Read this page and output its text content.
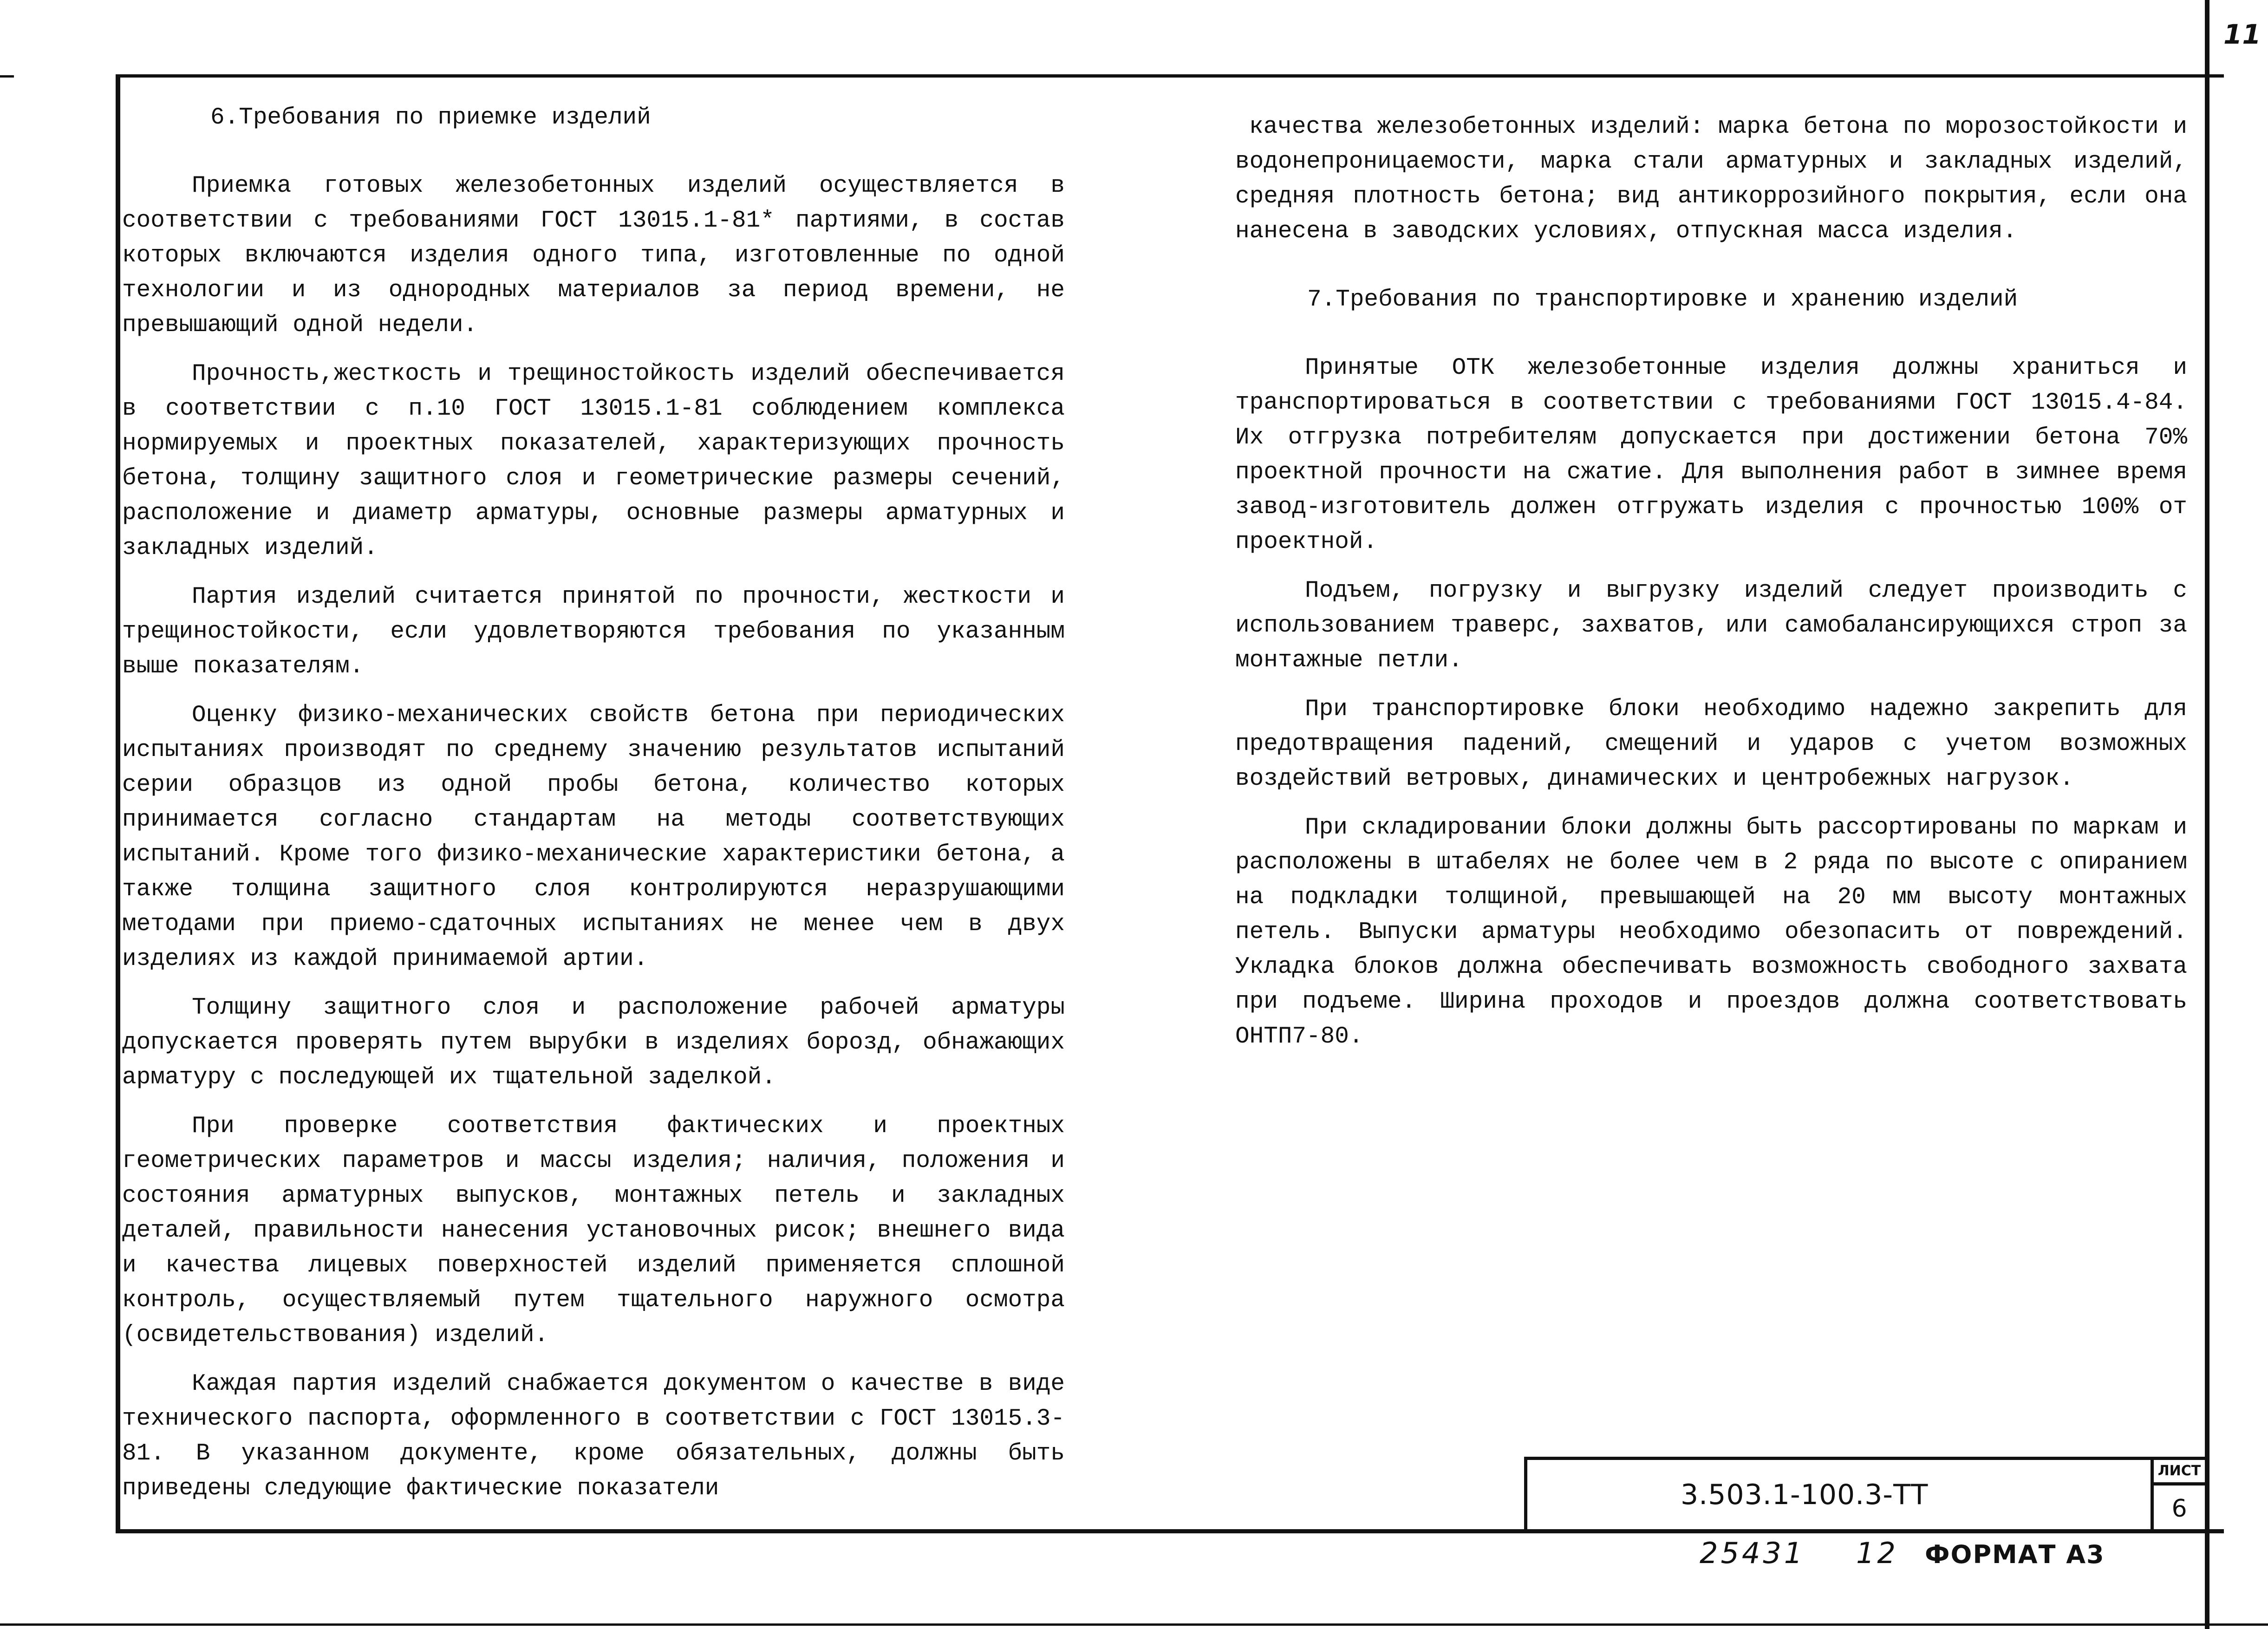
11
6.Требования по приемке изделий

Приемка готовых железобетонных изделий осуществляется в соответствии с требованиями ГОСТ 13015.1-81* партиями, в состав которых включаются изделия одного типа, изготовленные по одной технологии и из однородных материалов за период времени, не превышающий одной недели.

Прочность,жесткость и трещиностойкость изделий обеспечивается в соответствии с п.10 ГОСТ 13015.1-81 соблюдением комплекса нормируемых и проектных показателей, характеризующих прочность бетона, толщину защитного слоя и геометрические размеры сечений, расположение и диаметр арматуры, основные размеры арматурных и закладных изделий.

Партия изделий считается принятой по прочности, жесткости и трещиностойкости, если удовлетворяются требования по указанным выше показателям.

Оценку физико-механических свойств бетона при периодических испытаниях производят по среднему значению результатов испытаний серии образцов из одной пробы бетона, количество которых принимается согласно стандартам на методы соответствующих испытаний. Кроме того физико-механические характеристики бетона, а также толщина защитного слоя контролируются неразрушающими методами при приемо-сдаточных испытаниях не менее чем в двух изделиях из каждой принимаемой артии.

Толщину защитного слоя и расположение рабочей арматуры допускается проверять путем вырубки в изделиях борозд, обнажающих арматуру с последующей их тщательной заделкой.

При проверке соответствия фактических и проектных геометрических параметров и массы изделия; наличия, положения и состояния арматурных выпусков, монтажных петель и закладных деталей, правильности нанесения установочных рисок; внешнего вида и качества лицевых поверхностей изделий применяется сплошной контроль, осуществляемый путем тщательного наружного осмотра (освидетельствования) изделий.

Каждая партия изделий снабжается документом о качестве в виде технического паспорта, оформленного в соответствии с ГОСТ 13015.3-81. В указанном документе, кроме обязательных, должны быть приведены следующие фактические показатели

качества железобетонных изделий: марка бетона по морозостойкости и водонепроницаемости, марка стали арматурных и закладных изделий, средняя плотность бетона; вид антикоррозийного покрытия, если она нанесена в заводских условиях, отпускная масса изделия.

7.Требования по транспортировке и хранению изделий

Принятые ОТК железобетонные изделия должны храниться и транспортироваться в соответствии с требованиями ГОСТ 13015.4-84. Их отгрузка потребителям допускается при достижении бетона 70% проектной прочности на сжатие. Для выполнения работ в зимнее время завод-изготовитель должен отгружать изделия с прочностью 100% от проектной.

Подъем, погрузку и выгрузку изделий следует производить с использованием траверс, захватов, или самобалансирующихся строп за монтажные петли.

При транспортировке блоки необходимо надежно закрепить для предотвращения падений, смещений и ударов с учетом возможных воздействий ветровых, динамических и центробежных нагрузок.

При складировании блоки должны быть рассортированы по маркам и расположены в штабелях не более чем в 2 ряда по высоте с опиранием на подкладки толщиной, превышающей на 20 мм высоту монтажных петель. Выпуски арматуры необходимо обезопасить от повреждений. Укладка блоков должна обеспечивать возможность свободного захвата при подъеме. Ширина проходов и проездов должна соответствовать ОНТП7-80.

3.503.1-100.3-ТТ
ЛИСТ
6
25431 12 ФОРМАТ А3
